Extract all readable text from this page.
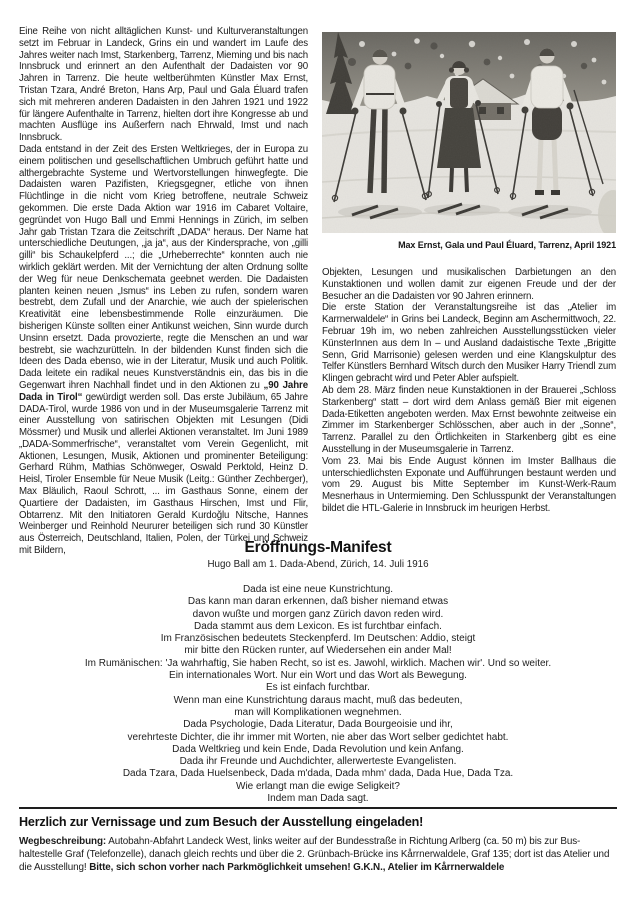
Eine Reihe von nicht alltäglichen Kunst- und Kulturveranstaltungen setzt im Februar in Landeck, Grins ein und wandert im Laufe des Jahres weiter nach Imst, Starkenberg, Tarrenz, Mieming und bis nach Innsbruck und erinnert an den Aufenthalt der Dadaisten vor 90 Jahren in Tarrenz. Die heute weltberühmten Künstler Max Ernst, Tristan Tzara, André Breton, Hans Arp, Paul und Gala Éluard trafen sich mit mehreren anderen Dadaisten in den Jahren 1921 und 1922 für längere Aufenthalte in Tarrenz, hielten dort ihre Kongresse ab und machten Ausflüge ins Außerfern nach Ehrwald, Imst und nach Innsbruck.

Dada entstand in der Zeit des Ersten Weltkrieges, der in Europa zu einem politischen und gesellschaftlichen Umbruch geführt hatte und althergebrachte Systeme und Wertvorstellungen hinwegfegte. Die Dadaisten waren Pazifisten, Kriegsgegner, etliche von ihnen Flüchtlinge in die nicht vom Krieg betroffene, neutrale Schweiz gekommen. Die erste Dada Aktion war 1916 im Cabaret Voltaire, gegründet von Hugo Ball und Emmi Hennings in Zürich, im selben Jahr gab Tristan Tzara die Zeitschrift „DADA“ heraus. Der Name hat unterschiedliche Deutungen, „ja ja“, aus der Kindersprache, von „gilli gilli“ bis Schaukelpferd ...; die „Urheberrechte“ konnten auch nie wirklich geklärt werden. Mit der Vernichtung der alten Ordnung sollte der Weg für neue Denkschemata geebnet werden. Die Dadaisten planten keinen neuen „Ismus“ ins Leben zu rufen, sondern waren bestrebt, dem Zufall und der Anarchie, wie auch der spielerischen Kreativität eine lebensbestimmende Rolle einzuräumen. Die bisherigen Künste sollten einer Antikunst weichen, Sinn wurde durch Unsinn ersetzt. Dada provozierte, regte die Menschen an und war bestrebt, sie wachzurütteln. In der bildenden Kunst finden sich die Ideen des Dada ebenso, wie in der Literatur, Musik und auch Politik. Dada leitete ein radikal neues Kunstverständnis ein, das bis in die Gegenwart ihren Nachhall findet und in den Aktionen zu „90 Jahre Dada in Tirol“ gewürdigt werden soll. Das erste Jubiläum, 65 Jahre DADA-Tirol, wurde 1986 von und in der Museumsgalerie Tarrenz mit einer Ausstellung von satirischen Objekten mit Lesungen (Didi Mössmer) und Musik und allerlei Aktionen veranstaltet. Im Juni 1989 „DADA-Sommerfrische“, veranstaltet vom Verein Gegenlicht, mit Aktionen, Lesungen, Musik, Aktionen und prominenter Beteiligung: Gerhard Rühm, Mathias Schönweger, Oswald Perktold, Heinz D. Heisl, Tiroler Ensemble für Neue Musik (Leitg.: Günther Zechberger), Max Bläulich, Raoul Schrott, ... im Gasthaus Sonne, einem der Quartiere der Dadaisten, im Gasthaus Hirschen, Imst und Flir, Obtarrenz. Mit den Initiatoren Gerald Kurdoğlu Nitsche, Hannes Weinberger und Reinhold Neururer beteiligen sich rund 30 Künstler aus Österreich, Deutschland, Italien, Polen, der Türkei und Schweiz mit Bildern,

Max Ernst, Gala und Paul Éluard, Tarrenz, April 1921

Objekten, Lesungen und musikalischen Darbietungen an den Kunstaktionen und wollen damit zur eigenen Freude und der der Besucher an die Dadaisten vor 90 Jahren erinnern.

Die erste Station der Veranstaltungsreihe ist das „Atelier im Karrnerwaldele“ in Grins bei Landeck, Beginn am Aschermittwoch, 22. Februar 19h im, wo neben zahlreichen Ausstellungsstücken vieler KünsterInnen aus dem In – und Ausland dadaistische Texte „Brigitte Senn, Grid Marrisonie) gelesen werden und eine Klangskulptur des Telfer Künstlers Bernhard Witsch durch den Musiker Harry Triendl zum Klingen gebracht wird und Peter Abler aufspielt.

Ab dem 28. März finden neue Kunstaktionen in der Brauerei „Schloss Starkenberg“ statt – dort wird dem Anlass gemäß Bier mit eigenen Dada-Etiketten angeboten werden. Max Ernst bewohnte zeitweise ein Zimmer im Starkenberger Schlösschen, aber auch in der „Sonne“, Tarrenz. Parallel zu den Örtlichkeiten in Starkenberg gibt es eine Ausstellung in der Museumsgalerie in Tarrenz.

Vom 23. Mai bis Ende August können im Imster Ballhaus die unterschiedlichsten Exponate und Aufführungen bestaunt werden und vom 29. August bis Mitte September im Kunst-Werk-Raum Mesnerhaus in Untermieming. Den Schlusspunkt der Veranstaltungen bildet die HTL-Galerie in Innsbruck im heurigen Herbst.

Eröffnungs-Manifest
Hugo Ball am 1. Dada-Abend, Zürich, 14. Juli 1916
Dada ist eine neue Kunstrichtung.
Das kann man daran erkennen, daß bisher niemand etwas
davon wußte und morgen ganz Zürich davon reden wird.
Dada stammt aus dem Lexicon. Es ist furchtbar einfach.
Im Französischen bedeutets Steckenpferd. Im Deutschen: Addio, steigt
mir bitte den Rücken runter, auf Wiedersehen ein ander Mal!
Im Rumänischen: 'Ja wahrhaftig, Sie haben Recht, so ist es. Jawohl, wirklich. Machen wir'. Und so weiter.
Ein internationales Wort. Nur ein Wort und das Wort als Bewegung.
Es ist einfach furchtbar.
Wenn man eine Kunstrichtung daraus macht, muß das bedeuten,
man will Komplikationen wegnehmen.
Dada Psychologie, Dada Literatur, Dada Bourgeoisie und ihr,
verehrteste Dichter, die ihr immer mit Worten, nie aber das Wort selber gedichtet habt.
Dada Weltkrieg und kein Ende, Dada Revolution und kein Anfang.
Dada ihr Freunde und Auchdichter, allerwerteste Evangelisten.
Dada Tzara, Dada Huelsenbeck, Dada m'dada, Dada mhm' dada, Dada Hue, Dada Tza.
Wie erlangt man die ewige Seligkeit?
Indem man Dada sagt.
Herzlich zur Vernissage und zum Besuch der Ausstellung eingeladen!
Wegbeschreibung: Autobahn-Abfahrt Landeck West, links weiter auf der Bundesstraße in Richtung Arlberg (ca. 50 m) bis zur Bus-haltestelle Graf (Telefonzelle), danach gleich rechts und über die 2. Grünbach-Brücke ins Kårrnerwaldele, Graf 135; dort ist das Atelier und die Ausstellung! Bitte, sich schon vorher nach Parkmöglichkeit umsehen! G.K.N., Atelier im Kårrnerwaldele
